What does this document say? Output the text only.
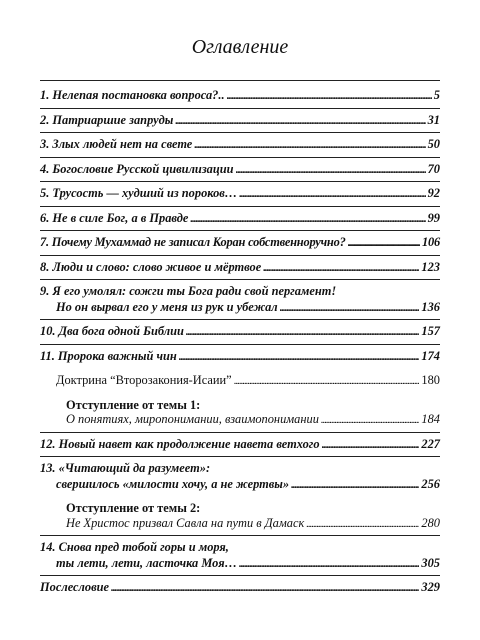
Оглавление
1. Нелепая постановка вопроса?.. . . .	5
2. Патриаршие запруды . . .	31
3. Злых людей нет на свете . . .	50
4. Богословие Русской цивилизации . . .	70
5. Трусость — худший из пороков… . . .	92
6. Не в силе Бог, а в Правде . . .	99
7. Почему Мухаммад не записал Коран собственноручно? . . .	106
8. Люди и слово: слово живое и мёртвое . . .	123
9. Я его умолял: сожги ты Бога ради свой пергамент!
Но он вырвал его у меня из рук и убежал . . .	136
10. Два бога одной Библии . . .	157
11. Пророка важный чин . . .	174
Доктрина “Второзакония-Исаии” . . .	180
Отступление от темы 1:
О понятиях, миропонимании, взаимопонимании . . .	184
12. Новый навет как продолжение навета ветхого . . .	227
13. «Читающий да разумеет»:
свершилось «милости хочу, а не жертвы» . . .	256
Отступление от темы 2:
Не Христос призвал Савла на пути в Дамаск . . .	280
14. Снова пред тобой горы и моря,
ты лети, лети, ласточка Моя… . . .	305
Послесловие . . .	329
